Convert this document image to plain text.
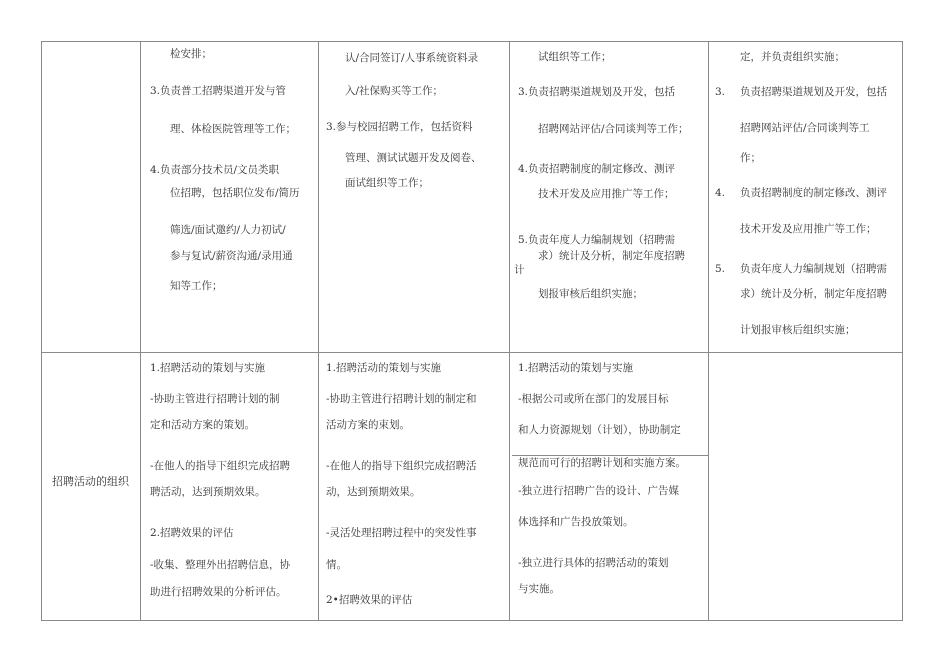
招聘活动的组织
检安排；
3.负责普工招聘渠道开发与管
理、体检医院管理等工作；
4.负责部分技术员/文员类职
位招聘，包括职位发布/简历
筛选/面试邀约/人力初试/
参与复试/薪资沟通/录用通
知等工作；
认/合同签订/人事系统资料录
入/社保购买等工作；
3.参与校园招聘工作，包括资料
管理、测试试题开发及阅卷、
面试组织等工作；
试组织等工作；
3.负责招聘渠道规划及开发，包括
招聘网站评估/合同谈判等工作；
4.负责招聘制度的制定修改、测评
技术开发及应用推广等工作；
5.负责年度人力编制规划（招聘需
求）统计及分析，制定年度招聘
计
划报审核后组织实施；
定，并负责组织实施；
3. 负责招聘渠道规划及开发，包括
招聘网站评估/合同谈判等工
作；
4. 负责招聘制度的制定修改、测评
技术开发及应用推广等工作；
5. 负责年度人力编制规划（招聘需
求）统计及分析，制定年度招聘
计划报审核后组织实施；
1.招聘活动的策划与实施
-协助主管进行招聘计划的制
定和活动方案的策划。
-在他人的指导下组织完成招聘
聘活动，达到预期效果。
2.招聘效果的评估
-收集、整理外出招聘信息，协
助进行招聘效果的分析评估。
1.招聘活动的策划与实施
-协助主管进行招聘计划的制定和
活动方案的束划。
-在他人的指导下组织完成招聘活
动，达到预期效果。
-灵活处理招聘过程中的突发性事
情。
2•招聘效果的评估
1.招聘活动的策划与实施
-根据公司或所在部门的发展目标
和人力资源规划（计划），协助制定
规范而可行的招聘计划和实施方案。
-独立进行招聘广告的设计、广告媒
体选择和广告投放策划。
-独立进行具体的招聘活动的策划
与实施。
